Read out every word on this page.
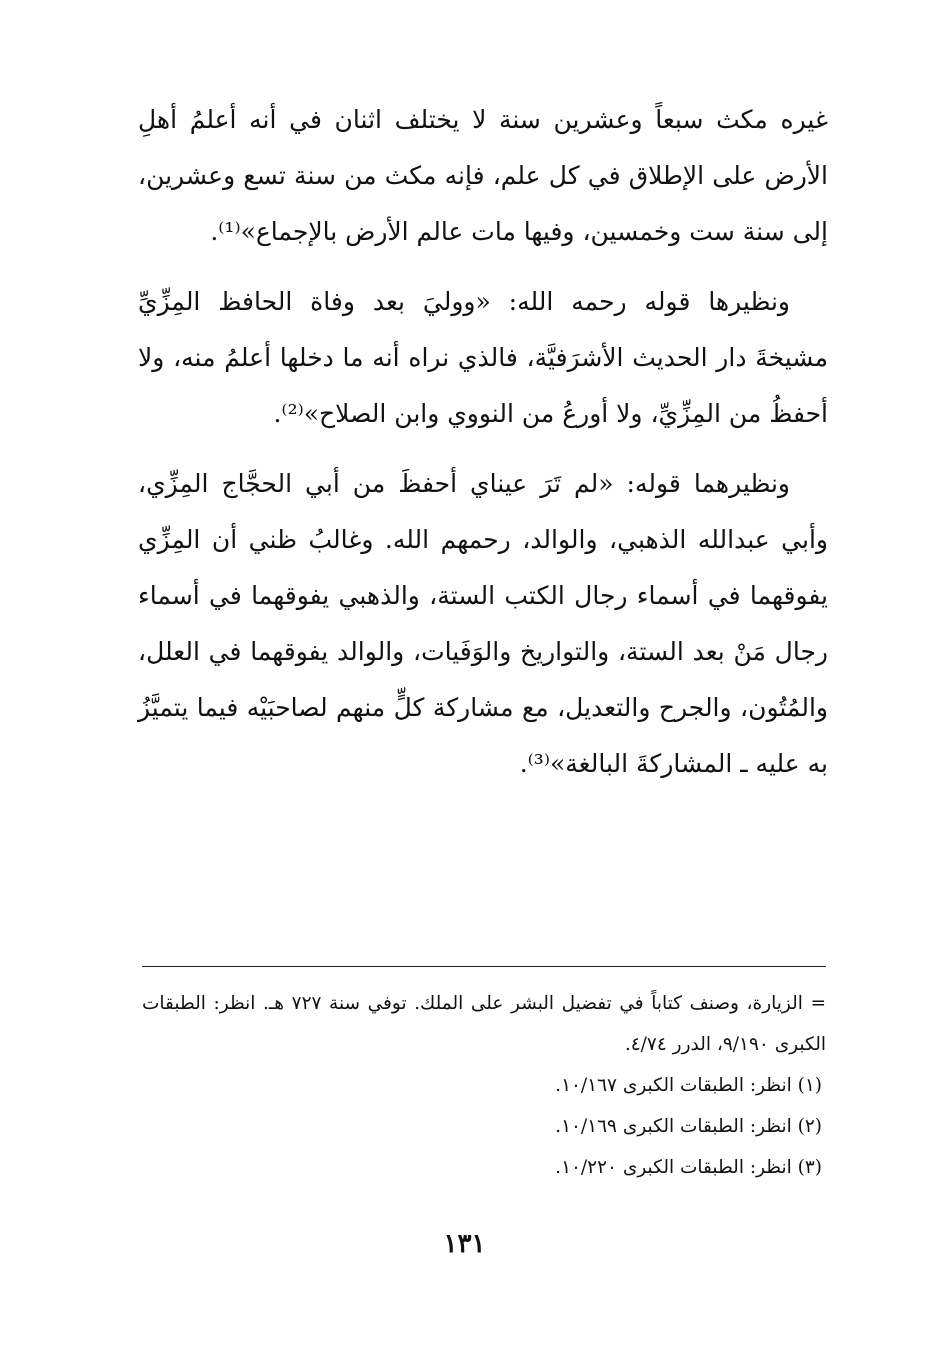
غيره مكث سبعاً وعشرين سنة لا يختلف اثنان في أنه أعلمُ أهلِ الأرض على الإطلاق في كل علم، فإنه مكث من سنة تسع وعشرين، إلى سنة ست وخمسين، وفيها مات عالم الأرض بالإجماع»⁽¹⁾.

ونظيرها قوله رحمه الله: «ووليَ بعد وفاة الحافظ المِزِّيِّ مشيخةَ دار الحديث الأشرَفيَّة، فالذي نراه أنه ما دخلها أعلمُ منه، ولا أحفظُ من المِزِّيِّ، ولا أورعُ من النووي وابن الصلاح»⁽²⁾.

ونظيرهما قوله: «لم تَرَ عيناي أحفظَ من أبي الحجَّاج المِزِّي، وأبي عبدالله الذهبي، والوالد، رحمهم الله. وغالبُ ظني أن المِزِّي يفوقهما في أسماء رجال الكتب الستة، والذهبي يفوقهما في أسماء رجال مَنْ بعد الستة، والتواريخ والوَفَيات، والوالد يفوقهما في العلل، والمُتُون، والجرح والتعديل، مع مشاركة كلٍّ منهم لصاحبَيْه فيما يتميَّزُ به عليه ـ المشاركةَ البالغة»⁽³⁾.

= الزيارة، وصنف كتاباً في تفضيل البشر على الملك. توفي سنة ٧٢٧ هـ. انظر: الطبقات الكبرى ٩/١٩٠، الدرر ٤/٧٤.

(١) انظر: الطبقات الكبرى ١٠/١٦٧.

(٢) انظر: الطبقات الكبرى ١٠/١٦٩.

(٣) انظر: الطبقات الكبرى ١٠/٢٢٠.

١٣١
